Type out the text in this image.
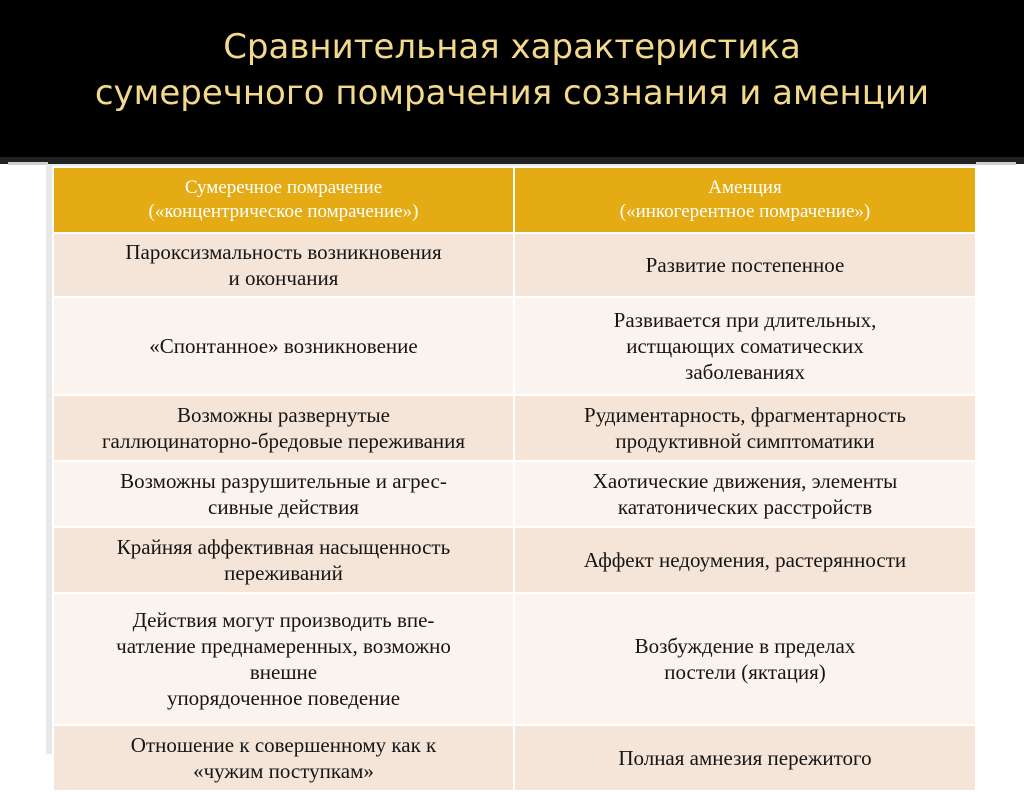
Сравнительная характеристика
сумеречного помрачения сознания и аменции
Сумеречное помрачение
(«концентрическое помрачение»)	Аменция
(«инкогерентное помрачение»)

Пароксизмальность возникновения
и окончания	Развитие постепенное

«Спонтанное» возникновение	Развивается при длительных,
истщающих соматических
заболеваниях

Возможны развернутые
галлюцинаторно-бредовые переживания	Рудиментарность, фрагментарность
продуктивной симптоматики

Возможны разрушительные и агрес-
сивные действия	Хаотические движения, элементы
кататонических расстройств

Крайняя аффективная насыщенность
переживаний	Аффект недоумения, растерянности

Действия могут производить впе-
чатление преднамеренных, возможно
внешне
упорядоченное поведение	Возбуждение в пределах
постели (яктация)

Отношение к совершенному как к
«чужим поступкам»	Полная амнезия пережитого
